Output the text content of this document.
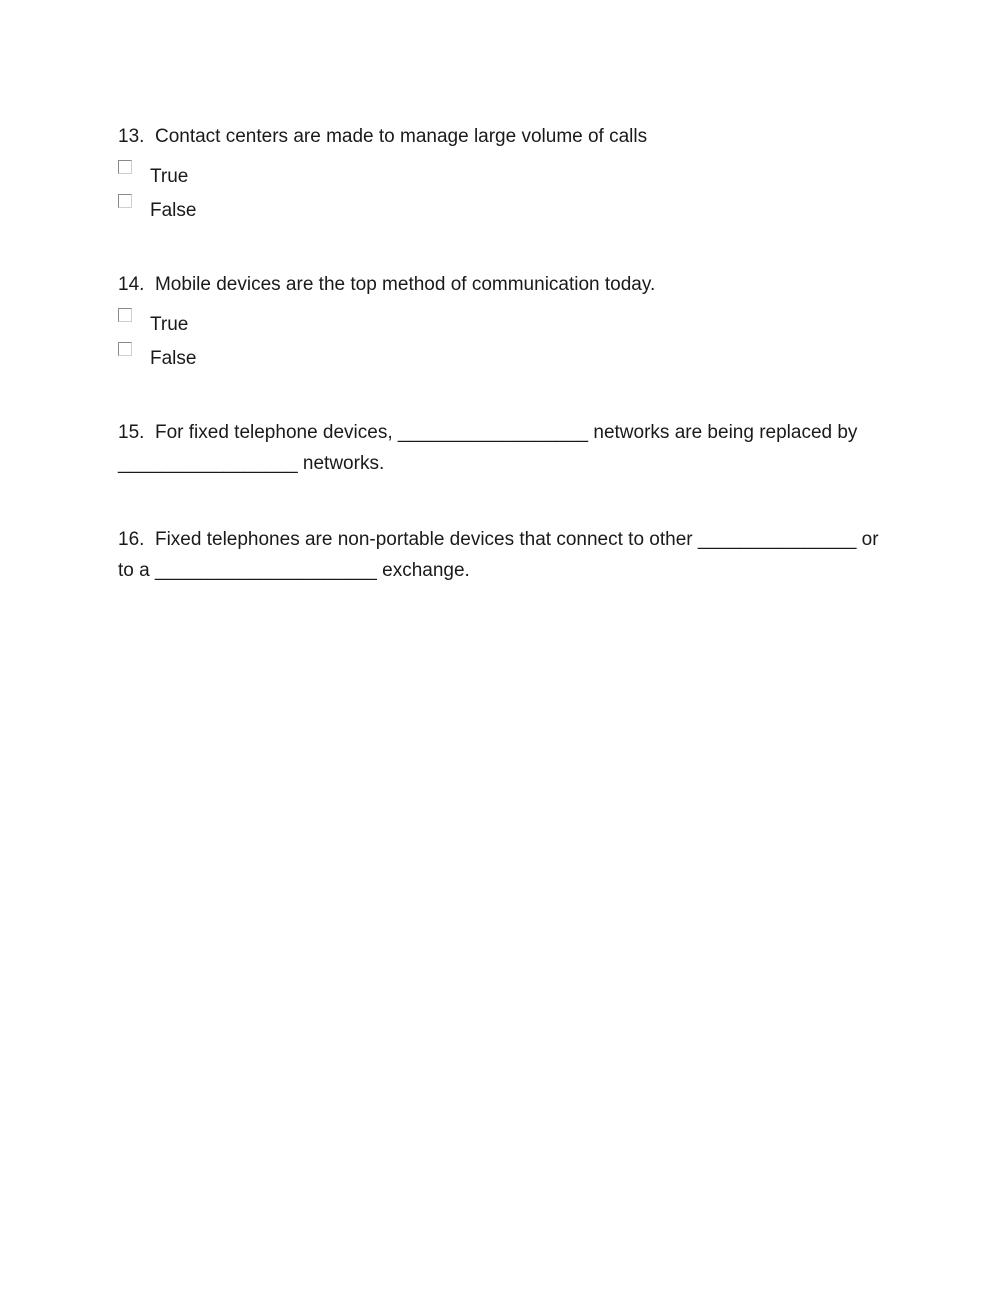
13. Contact centers are made to manage large volume of calls
True
False
14. Mobile devices are the top method of communication today.
True
False
15. For fixed telephone devices, __________________ networks are being replaced by _________________ networks.
16. Fixed telephones are non-portable devices that connect to other _______________ or to a _____________________ exchange.
